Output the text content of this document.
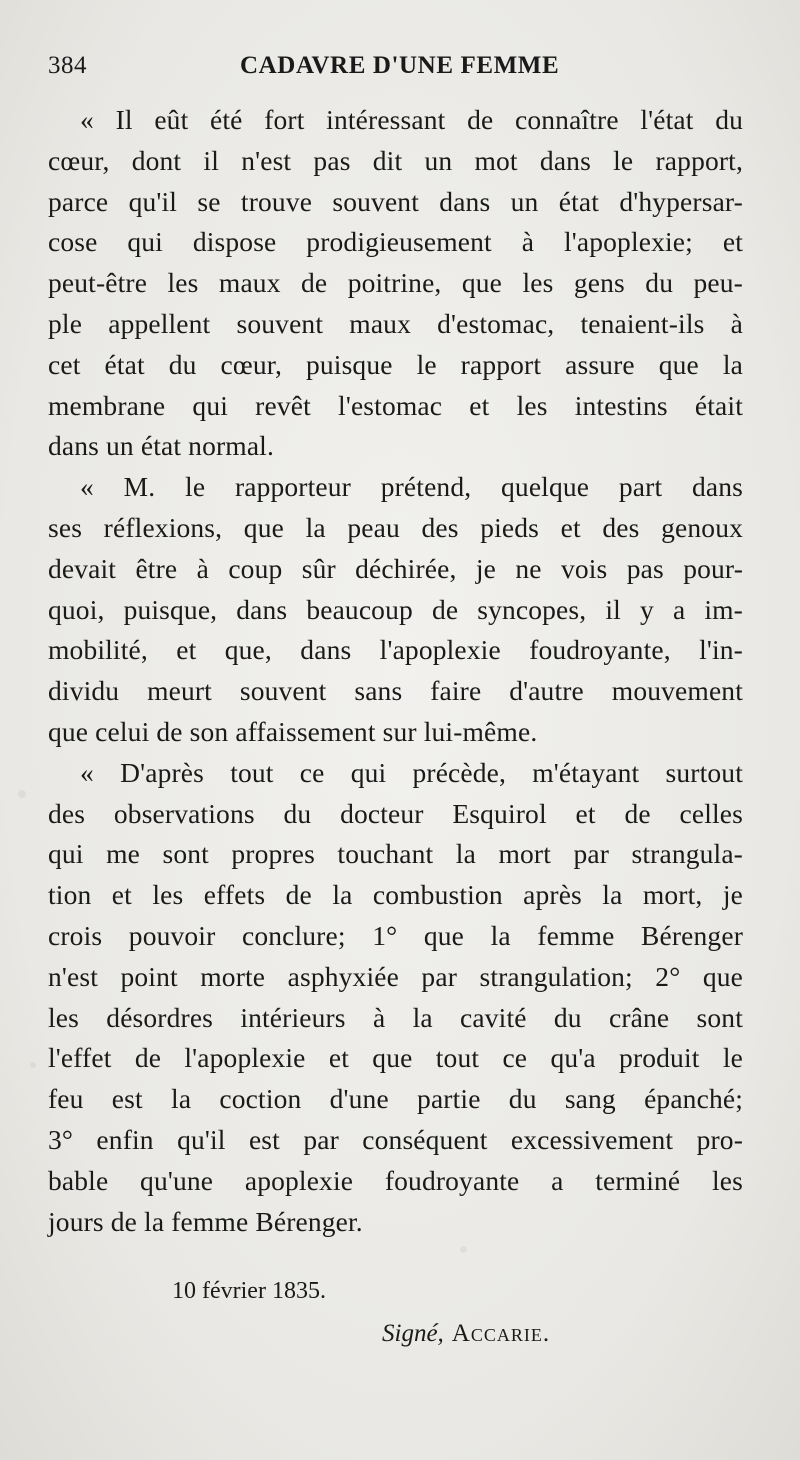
384	CADAVRE D'UNE FEMME
« Il eût été fort intéressant de connaître l'état du
cœur, dont il n'est pas dit un mot dans le rapport,
parce qu'il se trouve souvent dans un état d'hypersar-
cose qui dispose prodigieusement à l'apoplexie; et
peut-être les maux de poitrine, que les gens du peu-
ple appellent souvent maux d'estomac, tenaient-ils à
cet état du cœur, puisque le rapport assure que la
membrane qui revêt l'estomac et les intestins était
dans un état normal.
« M. le rapporteur prétend, quelque part dans
ses réflexions, que la peau des pieds et des genoux
devait être à coup sûr déchirée, je ne vois pas pour-
quoi, puisque, dans beaucoup de syncopes, il y a im-
mobilité, et que, dans l'apoplexie foudroyante, l'in-
dividu meurt souvent sans faire d'autre mouvement
que celui de son affaissement sur lui-même.
« D'après tout ce qui précède, m'étayant surtout
des observations du docteur Esquirol et de celles
qui me sont propres touchant la mort par strangula-
tion et les effets de la combustion après la mort, je
crois pouvoir conclure; 1° que la femme Bérenger
n'est point morte asphyxiée par strangulation; 2° que
les désordres intérieurs à la cavité du crâne sont
l'effet de l'apoplexie et que tout ce qu'a produit le
feu est la coction d'une partie du sang épanché;
3° enfin qu'il est par conséquent excessivement pro-
bable qu'une apoplexie foudroyante a terminé les
jours de la femme Bérenger.
10 février 1835.
Signé, Accarie.
